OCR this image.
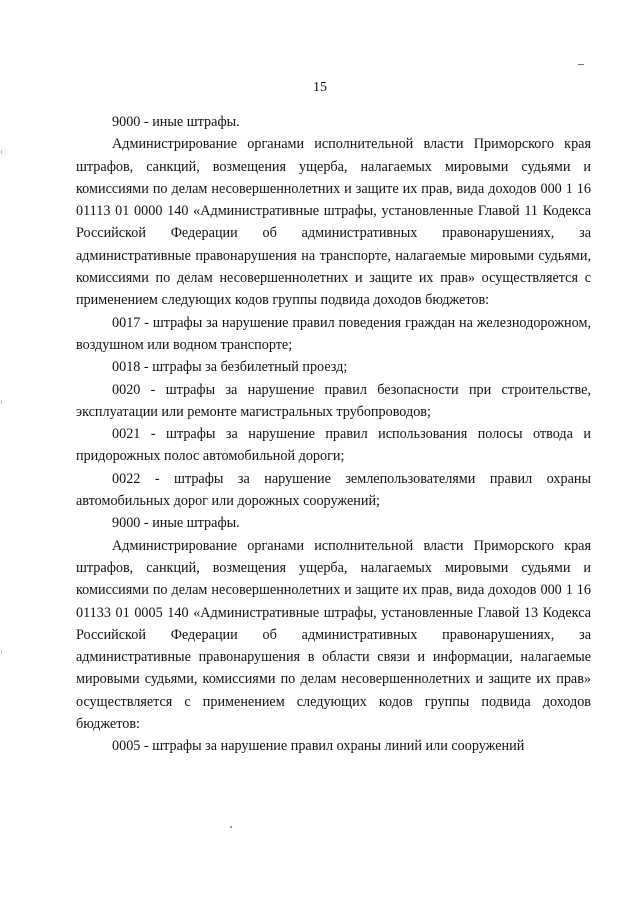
15

9000 - иные штрафы.

Администрирование органами исполнительной власти Приморского края штрафов, санкций, возмещения ущерба, налагаемых мировыми судьями и комиссиями по делам несовершеннолетних и защите их прав, вида доходов 000 1 16 01113 01 0000 140 «Административные штрафы, установленные Главой 11 Кодекса Российской Федерации об административных правонарушениях, за административные правонарушения на транспорте, налагаемые мировыми судьями, комиссиями по делам несовершеннолетних и защите их прав» осуществляется с применением следующих кодов группы подвида доходов бюджетов:

0017 - штрафы за нарушение правил поведения граждан на железнодорожном, воздушном или водном транспорте;

0018 - штрафы за безбилетный проезд;

0020 - штрафы за нарушение правил безопасности при строительстве, эксплуатации или ремонте магистральных трубопроводов;

0021 - штрафы за нарушение правил использования полосы отвода и придорожных полос автомобильной дороги;

0022 - штрафы за нарушение землепользователями правил охраны автомобильных дорог или дорожных сооружений;

9000 - иные штрафы.

Администрирование органами исполнительной власти Приморского края штрафов, санкций, возмещения ущерба, налагаемых мировыми судьями и комиссиями по делам несовершеннолетних и защите их прав, вида доходов 000 1 16 01133 01 0005 140 «Административные штрафы, установленные Главой 13 Кодекса Российской Федерации об административных правонарушениях, за административные правонарушения в области связи и информации, налагаемые мировыми судьями, комиссиями по делам несовершеннолетних и защите их прав» осуществляется с применением следующих кодов группы подвида доходов бюджетов:

0005 - штрафы за нарушение правил охраны линий или сооружений
